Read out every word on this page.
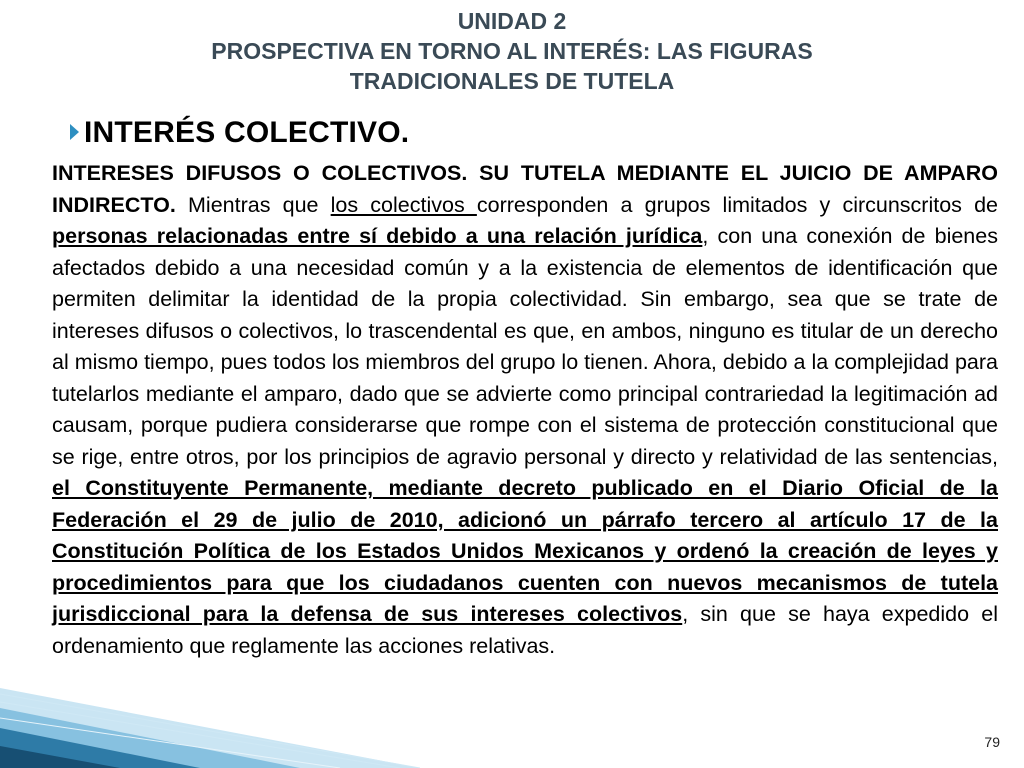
UNIDAD 2
PROSPECTIVA EN TORNO AL INTERÉS: LAS FIGURAS
TRADICIONALES DE TUTELA
INTERÉS COLECTIVO.
INTERESES DIFUSOS O COLECTIVOS. SU TUTELA MEDIANTE EL JUICIO DE AMPARO INDIRECTO. Mientras que los colectivos corresponden a grupos limitados y circunscritos de personas relacionadas entre sí debido a una relación jurídica, con una conexión de bienes afectados debido a una necesidad común y a la existencia de elementos de identificación que permiten delimitar la identidad de la propia colectividad. Sin embargo, sea que se trate de intereses difusos o colectivos, lo trascendental es que, en ambos, ninguno es titular de un derecho al mismo tiempo, pues todos los miembros del grupo lo tienen. Ahora, debido a la complejidad para tutelarlos mediante el amparo, dado que se advierte como principal contrariedad la legitimación ad causam, porque pudiera considerarse que rompe con el sistema de protección constitucional que se rige, entre otros, por los principios de agravio personal y directo y relatividad de las sentencias, el Constituyente Permanente, mediante decreto publicado en el Diario Oficial de la Federación el 29 de julio de 2010, adicionó un párrafo tercero al artículo 17 de la Constitución Política de los Estados Unidos Mexicanos y ordenó la creación de leyes y procedimientos para que los ciudadanos cuenten con nuevos mecanismos de tutela jurisdiccional para la defensa de sus intereses colectivos, sin que se haya expedido el ordenamiento que reglamente las acciones relativas.
79
